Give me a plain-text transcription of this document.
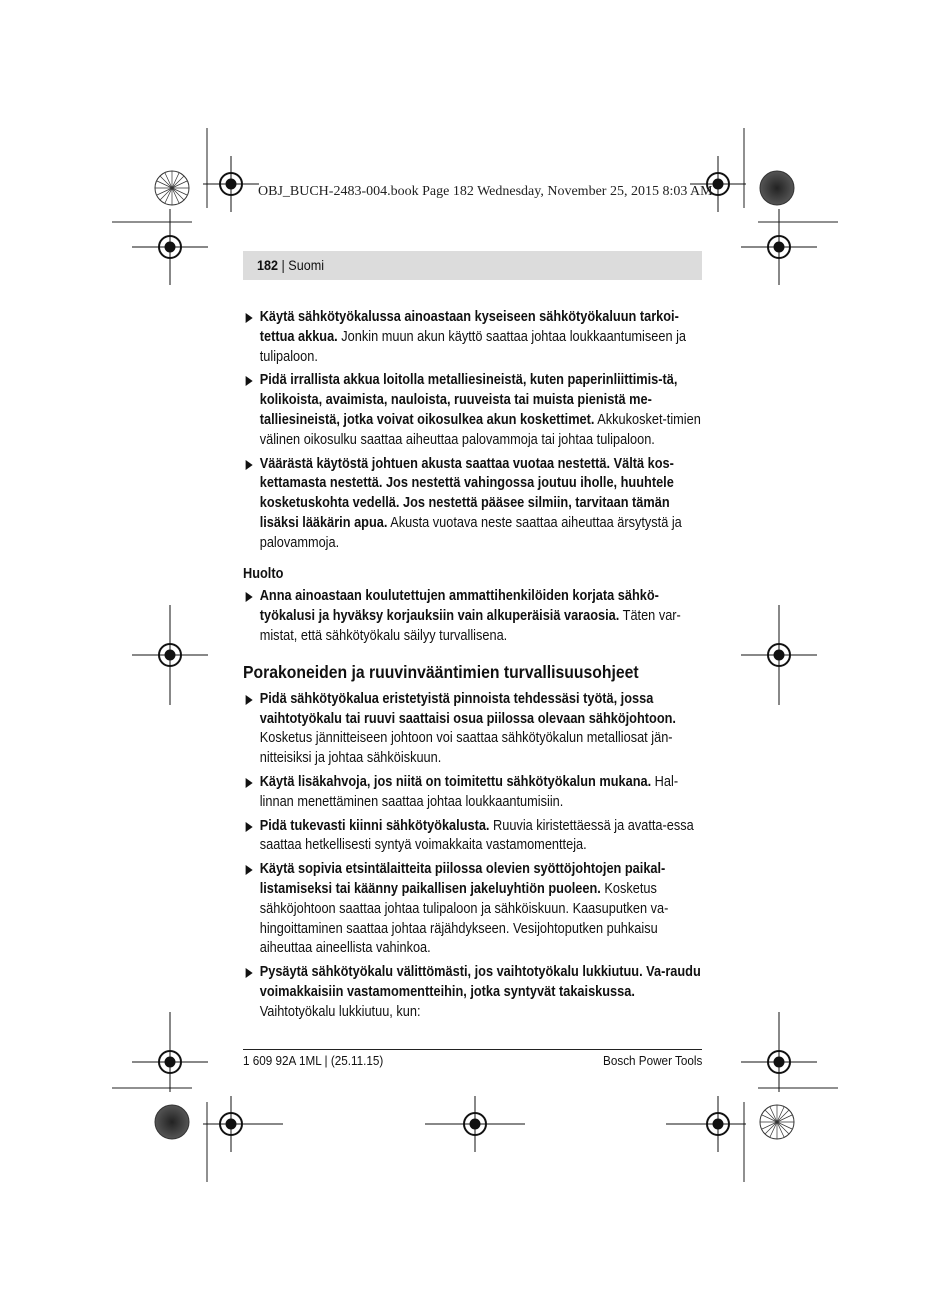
OBJ_BUCH-2483-004.book Page 182 Wednesday, November 25, 2015 8:03 AM
182 | Suomi
Käytä sähkötyökalussa ainoastaan kyseiseen sähkötyökaluun tarkoi-tettua akkua. Jonkin muun akun käyttö saattaa johtaa loukkaantumiseen ja tulipaloon.
Pidä irrallista akkua loitolla metalliesineistä, kuten paperinliittimis-tä, kolikoista, avaimista, nauloista, ruuveista tai muista pienistä me-talliesineistä, jotka voivat oikosulkea akun koskettimet. Akkukosket-timien välinen oikosulku saattaa aiheuttaa palovammoja tai johtaa tulipaloon.
Väärästä käytöstä johtuen akusta saattaa vuotaa nestettä. Vältä kos-kettamasta nestettä. Jos nestettä vahingossa joutuu iholle, huuhtele kosketuskohta vedellä. Jos nestettä pääsee silmiin, tarvitaan tämän lisäksi lääkärin apua. Akusta vuotava neste saattaa aiheuttaa ärsytystä ja palovammoja.
Huolto
Anna ainoastaan koulutettujen ammattihenkilöiden korjata sähkö-työkalusi ja hyväksy korjauksiin vain alkuperäisiä varaosia. Täten var-mistat, että sähkötyökalu säilyy turvallisena.
Porakoneiden ja ruuvinvääntimien turvallisuusohjeet
Pidä sähkötyökalua eristetyistä pinnoista tehdessäsi työtä, jossa vaihtotyökalu tai ruuvi saattaisi osua piilossa olevaan sähköjohtoon. Kosketus jännitteiseen johtoon voi saattaa sähkötyökalun metalliosat jän-nitteisiksi ja johtaa sähköiskuun.
Käytä lisäkahvoja, jos niitä on toimitettu sähkötyökalun mukana. Hal-linnan menettäminen saattaa johtaa loukkaantumisiin.
Pidä tukevasti kiinni sähkötyökalusta. Ruuvia kiristettäessä ja avatta-essa saattaa hetkellisesti syntyä voimakkaita vastamomentteja.
Käytä sopivia etsintälaitteita piilossa olevien syöttöjohtojen paikal-listamiseksi tai käänny paikallisen jakeluyhtiön puoleen. Kosketus sähköjohtoon saattaa johtaa tulipaloon ja sähköiskuun. Kaasuputken va-hingoittaminen saattaa johtaa räjähdykseen. Vesijohtoputken puhkaisu aiheuttaa aineellista vahinkoa.
Pysäytä sähkötyökalu välittömästi, jos vaihtotyökalu lukkiutuu. Va-raudu voimakkaisiin vastamomentteihin, jotka syntyvät takaiskussa. Vaihtotyökalu lukkiutuu, kun:
1 609 92A 1ML | (25.11.15)	Bosch Power Tools
